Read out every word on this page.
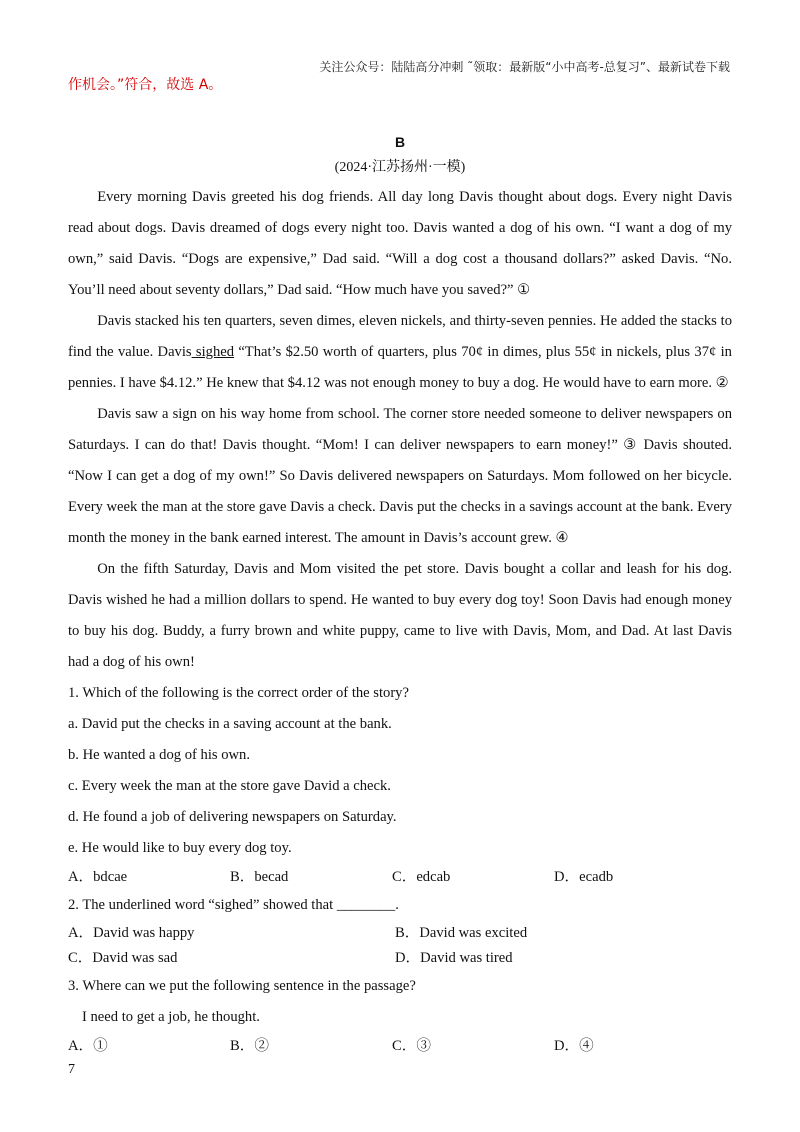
关注公众号：陆陆高分冲刺 ˜领取：最新版“小中高考-总复习”、最新试卷下载
作机会。”符合，故选 A。
B
(2024·江苏扬州·一模)

Every morning Davis greeted his dog friends. All day long Davis thought about dogs. Every night Davis read about dogs. Davis dreamed of dogs every night too. Davis wanted a dog of his own. “I want a dog of my own,” said Davis. “Dogs are expensive,” Dad said. “Will a dog cost a thousand dollars?” asked Davis. “No. You’ll need about seventy dollars,” Dad said. “How much have you saved?” ①

Davis stacked his ten quarters, seven dimes, eleven nickels, and thirty-seven pennies. He added the stacks to find the value. Davis sighed “That’s $2.50 worth of quarters, plus 70¢ in dimes, plus 55¢ in nickels, plus 37¢ in pennies. I have $4.12.” He knew that $4.12 was not enough money to buy a dog. He would have to earn more. ②

Davis saw a sign on his way home from school. The corner store needed someone to deliver newspapers on Saturdays. I can do that! Davis thought. “Mom! I can deliver newspapers to earn money!” ③ Davis shouted. “Now I can get a dog of my own!” So Davis delivered newspapers on Saturdays. Mom followed on her bicycle. Every week the man at the store gave Davis a check. Davis put the checks in a savings account at the bank. Every month the money in the bank earned interest. The amount in Davis’s account grew. ④

On the fifth Saturday, Davis and Mom visited the pet store. Davis bought a collar and leash for his dog. Davis wished he had a million dollars to spend. He wanted to buy every dog toy! Soon Davis had enough money to buy his dog. Buddy, a furry brown and white puppy, came to live with Davis, Mom, and Dad. At last Davis had a dog of his own!

1. Which of the following is the correct order of the story?

a. David put the checks in a saving account at the bank.

b. He wanted a dog of his own.

c. Every week the man at the store gave David a check.

d. He found a job of delivering newspapers on Saturday.

e. He would like to buy every dog toy.

A．bdcae	B．becad	C．edcab	D．ecadb

2. The underlined word “sighed” showed that ________.

A．David was happy	B．David was excited
C．David was sad	D．David was tired

3. Where can we put the following sentence in the passage?

I need to get a job, he thought.

A．①	B．②	C．③	D．④
7
